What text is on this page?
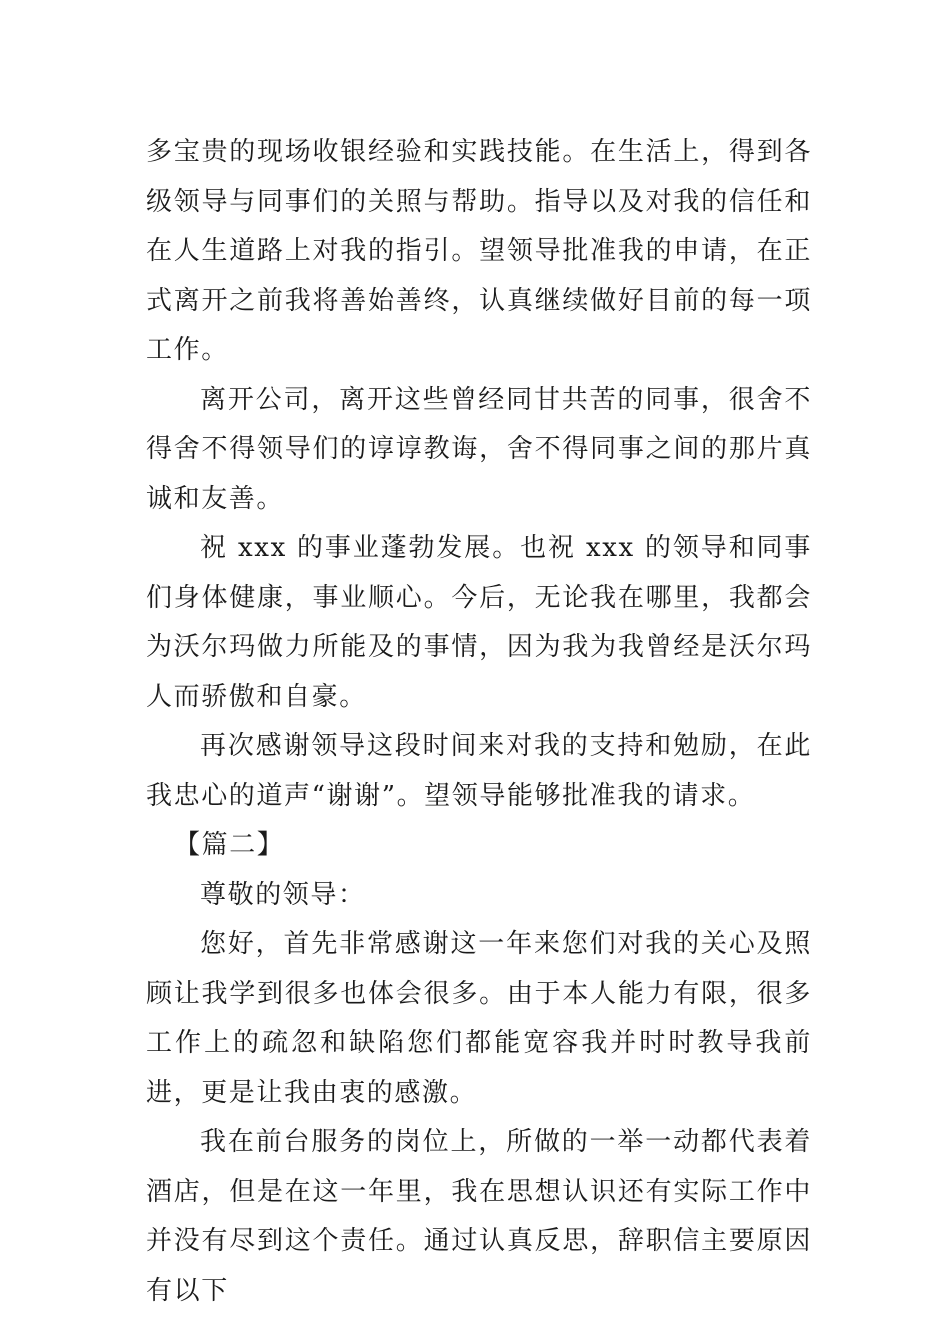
多宝贵的现场收银经验和实践技能。在生活上，得到各级领导与同事们的关照与帮助。指导以及对我的信任和在人生道路上对我的指引。望领导批准我的申请，在正式离开之前我将善始善终，认真继续做好目前的每一项工作。

离开公司，离开这些曾经同甘共苦的同事，很舍不得舍不得领导们的谆谆教诲，舍不得同事之间的那片真诚和友善。

祝 xxx 的事业蓬勃发展。也祝 xxx 的领导和同事们身体健康，事业顺心。今后，无论我在哪里，我都会为沃尔玛做力所能及的事情，因为我为我曾经是沃尔玛人而骄傲和自豪。

再次感谢领导这段时间来对我的支持和勉励，在此我忠心的道声“谢谢”。望领导能够批准我的请求。

【篇二】

尊敬的领导：

您好，首先非常感谢这一年来您们对我的关心及照顾让我学到很多也体会很多。由于本人能力有限，很多工作上的疏忽和缺陷您们都能宽容我并时时教导我前进，更是让我由衷的感激。

我在前台服务的岗位上，所做的一举一动都代表着酒店，但是在这一年里，我在思想认识还有实际工作中并没有尽到这个责任。通过认真反思，辞职信主要原因有以下
